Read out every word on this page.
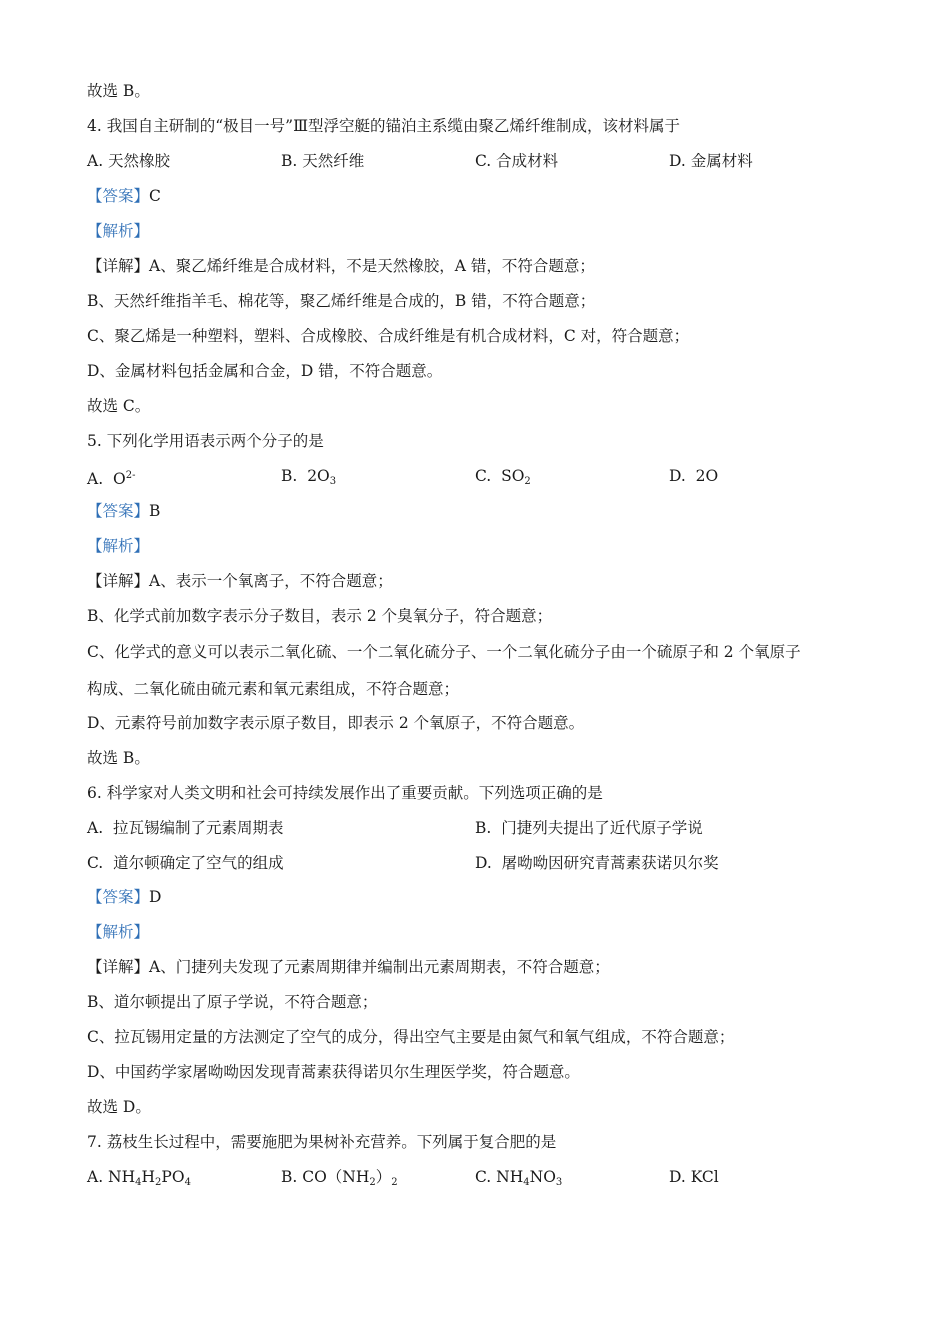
故选 B。
4. 我国自主研制的“极目一号”Ⅲ型浮空艇的锚泊主系缆由聚乙烯纤维制成，该材料属于
A. 天然橡胶	B. 天然纤维	C. 合成材料	D. 金属材料
【答案】C
【解析】
【详解】A、聚乙烯纤维是合成材料，不是天然橡胶，A 错，不符合题意；
B、天然纤维指羊毛、棉花等，聚乙烯纤维是合成的，B 错，不符合题意；
C、聚乙烯是一种塑料，塑料、合成橡胶、合成纤维是有机合成材料，C 对，符合题意；
D、金属材料包括金属和合金，D 错，不符合题意。
故选 C。
5. 下列化学用语表示两个分子的是
A. $O^{2-}$	B. $2O_3$	C. $SO_2$	D. 2O
【答案】B
【解析】
【详解】A、表示一个氧离子，不符合题意；
B、化学式前加数字表示分子数目，表示 2 个臭氧分子，符合题意；
C、化学式的意义可以表示二氧化硫、一个二氧化硫分子、一个二氧化硫分子由一个硫原子和 2 个氧原子
构成、二氧化硫由硫元素和氧元素组成，不符合题意；
D、元素符号前加数字表示原子数目，即表示 2 个氧原子，不符合题意。
故选 B。
6. 科学家对人类文明和社会可持续发展作出了重要贡献。下列选项正确的是
A. 拉瓦锡编制了元素周期表	B. 门捷列夫提出了近代原子学说
C. 道尔顿确定了空气的组成	D. 屠呦呦因研究青蒿素获诺贝尔奖
【答案】D
【解析】
【详解】A、门捷列夫发现了元素周期律并编制出元素周期表，不符合题意；
B、道尔顿提出了原子学说，不符合题意；
C、拉瓦锡用定量的方法测定了空气的成分，得出空气主要是由氮气和氧气组成，不符合题意；
D、中国药学家屠呦呦因发现青蒿素获得诺贝尔生理医学奖，符合题意。
故选 D。
7. 荔枝生长过程中，需要施肥为果树补充营养。下列属于复合肥的是
A. $NH_4H_2PO_4$	B. $CO(NH_2)_2$	C. $NH_4NO_3$	D. KCl
